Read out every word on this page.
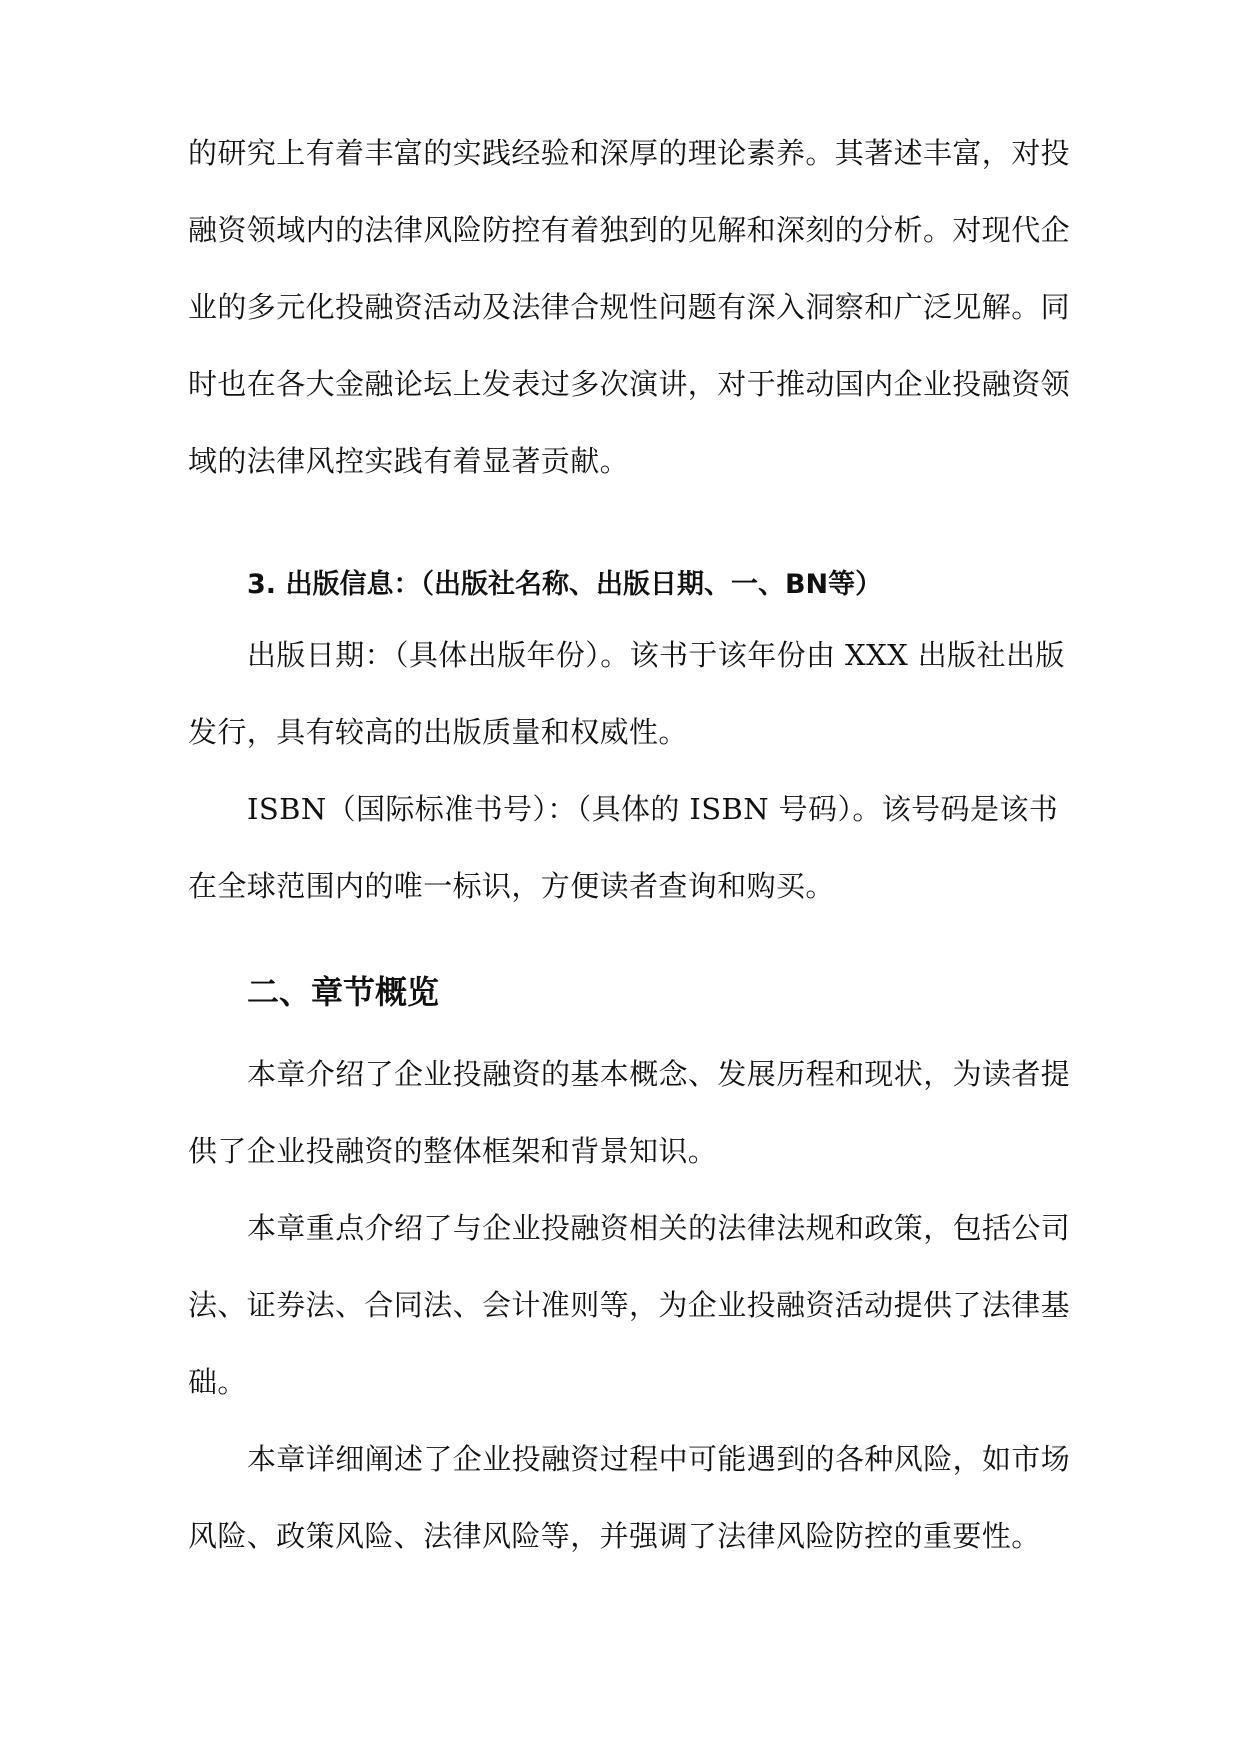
的研究上有着丰富的实践经验和深厚的理论素养。其著述丰富，对投
融资领域内的法律风险防控有着独到的见解和深刻的分析。对现代企
业的多元化投融资活动及法律合规性问题有深入洞察和广泛见解。同
时也在各大金融论坛上发表过多次演讲，对于推动国内企业投融资领
域的法律风控实践有着显著贡献。
3. 出版信息：（出版社名称、出版日期、一、BN等）
出版日期：（具体出版年份）。该书于该年份由 XXX 出版社出版
发行，具有较高的出版质量和权威性。
ISBN（国际标准书号）：（具体的 ISBN 号码）。该号码是该书
在全球范围内的唯一标识，方便读者查询和购买。
二、章节概览
本章介绍了企业投融资的基本概念、发展历程和现状，为读者提
供了企业投融资的整体框架和背景知识。
本章重点介绍了与企业投融资相关的法律法规和政策，包括公司
法、证券法、合同法、会计准则等，为企业投融资活动提供了法律基
础。
本章详细阐述了企业投融资过程中可能遇到的各种风险，如市场
风险、政策风险、法律风险等，并强调了法律风险防控的重要性。
